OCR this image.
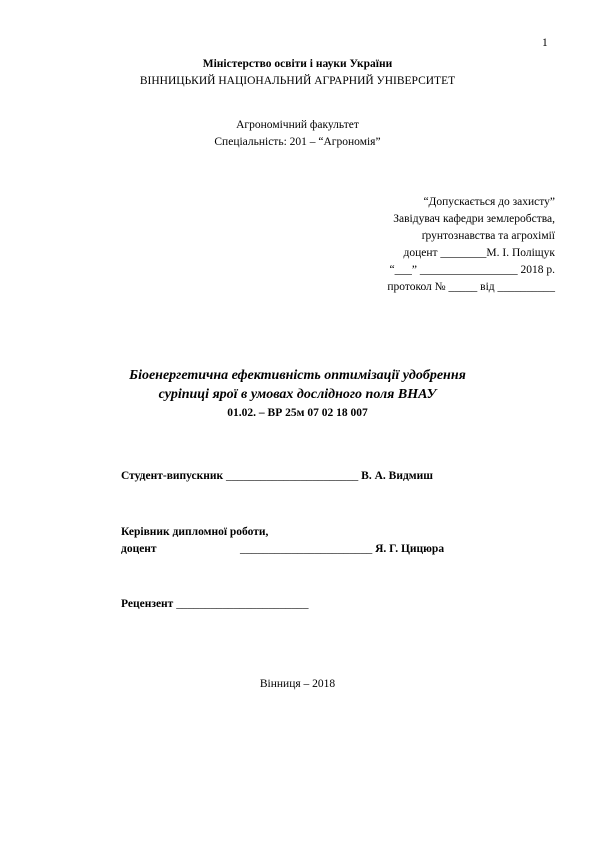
1
Міністерство освіти і науки України
ВІННИЦЬКИЙ НАЦІОНАЛЬНИЙ АГРАРНИЙ УНІВЕРСИТЕТ
Агрономічний факультет
Спеціальність: 201 – “Агрономія”
“Допускається до захисту”
Завідувач кафедри землеробства,
ґрунтознавства та агрохімії
доцент ________М. І. Поліщук
“___” _________________ 2018 р.
протокол № _____ від __________
Біоенергетична ефективність оптимізації удобрення
суріпиці ярої в умовах дослідного поля ВНАУ
01.02. – ВР 25м 07 02 18 007
Студент-випускник _______________________ В. А. Видмиш
Керівник дипломної роботи,
доцент	_______________________ Я. Г. Цицюра
Рецензент _______________________
Вінниця – 2018
